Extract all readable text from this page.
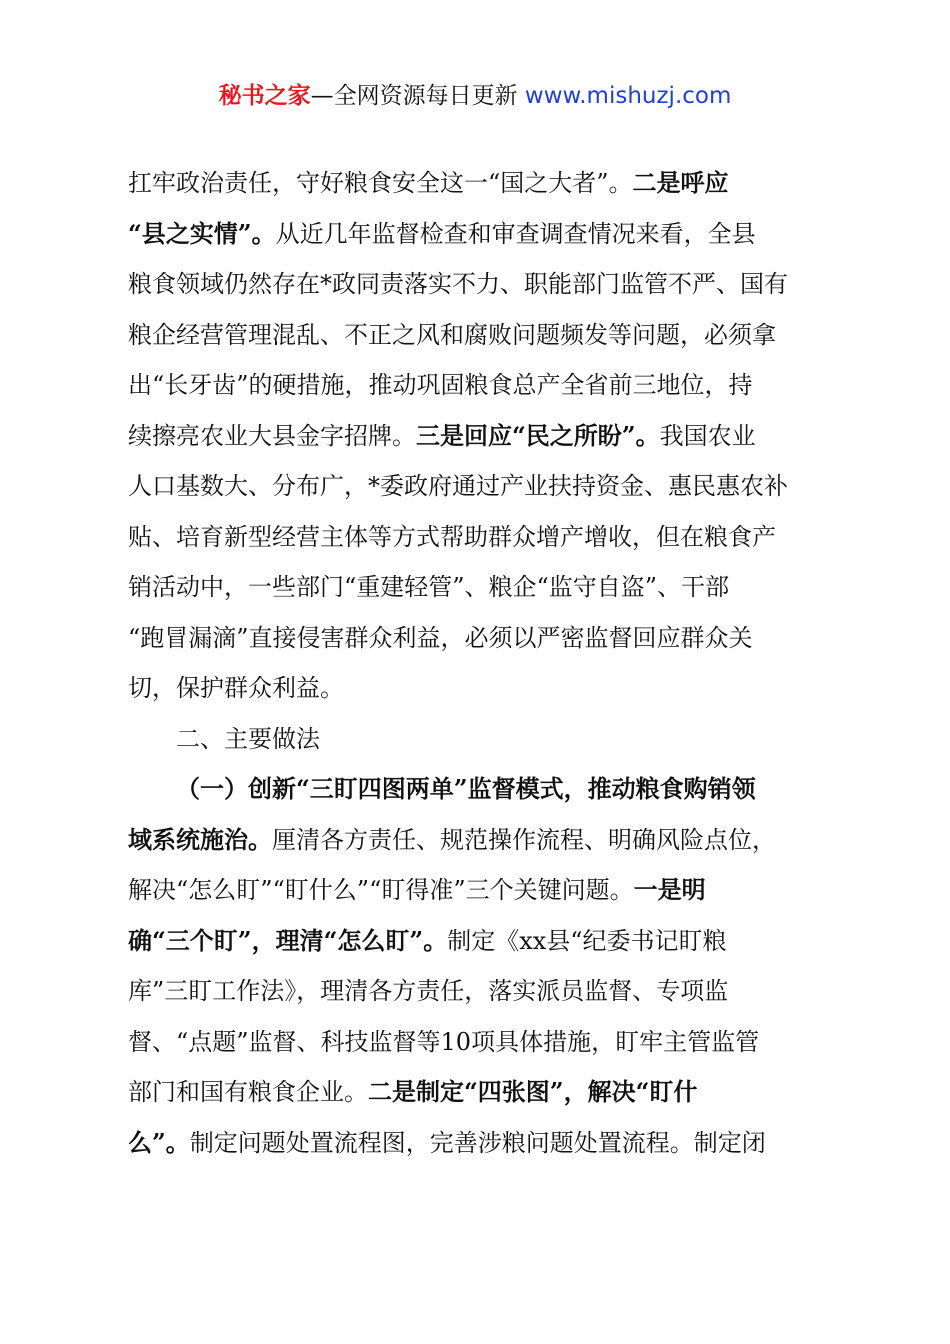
秘书之家—全网资源每日更新 www.mishuzj.com

扛牢政治责任，守好粮食安全这一“国之大者”。二是呼应
“县之实情”。从近几年监督检查和审查调查情况来看，全县
粮食领域仍然存在*政同责落实不力、职能部门监管不严、国有
粮企经营管理混乱、不正之风和腐败问题频发等问题，必须拿
出“长牙齿”的硬措施，推动巩固粮食总产全省前三地位，持
续擦亮农业大县金字招牌。三是回应“民之所盼”。我国农业
人口基数大、分布广，*委政府通过产业扶持资金、惠民惠农补
贴、培育新型经营主体等方式帮助群众增产增收，但在粮食产
销活动中，一些部门“重建轻管”、粮企“监守自盗”、干部
“跑冒漏滴”直接侵害群众利益，必须以严密监督回应群众关
切，保护群众利益。

二、主要做法

（一）创新“三盯四图两单”监督模式，推动粮食购销领
域系统施治。厘清各方责任、规范操作流程、明确风险点位，
解决“怎么盯”“盯什么”“盯得准”三个关键问题。一是明
确“三个盯”，理清“怎么盯”。制定《xx县“纪委书记盯粮
库”三盯工作法》，理清各方责任，落实派员监督、专项监
督、“点题”监督、科技监督等10项具体措施，盯牢主管监管
部门和国有粮食企业。二是制定“四张图”，解决“盯什
么”。制定问题处置流程图，完善涉粮问题处置流程。制定闭
